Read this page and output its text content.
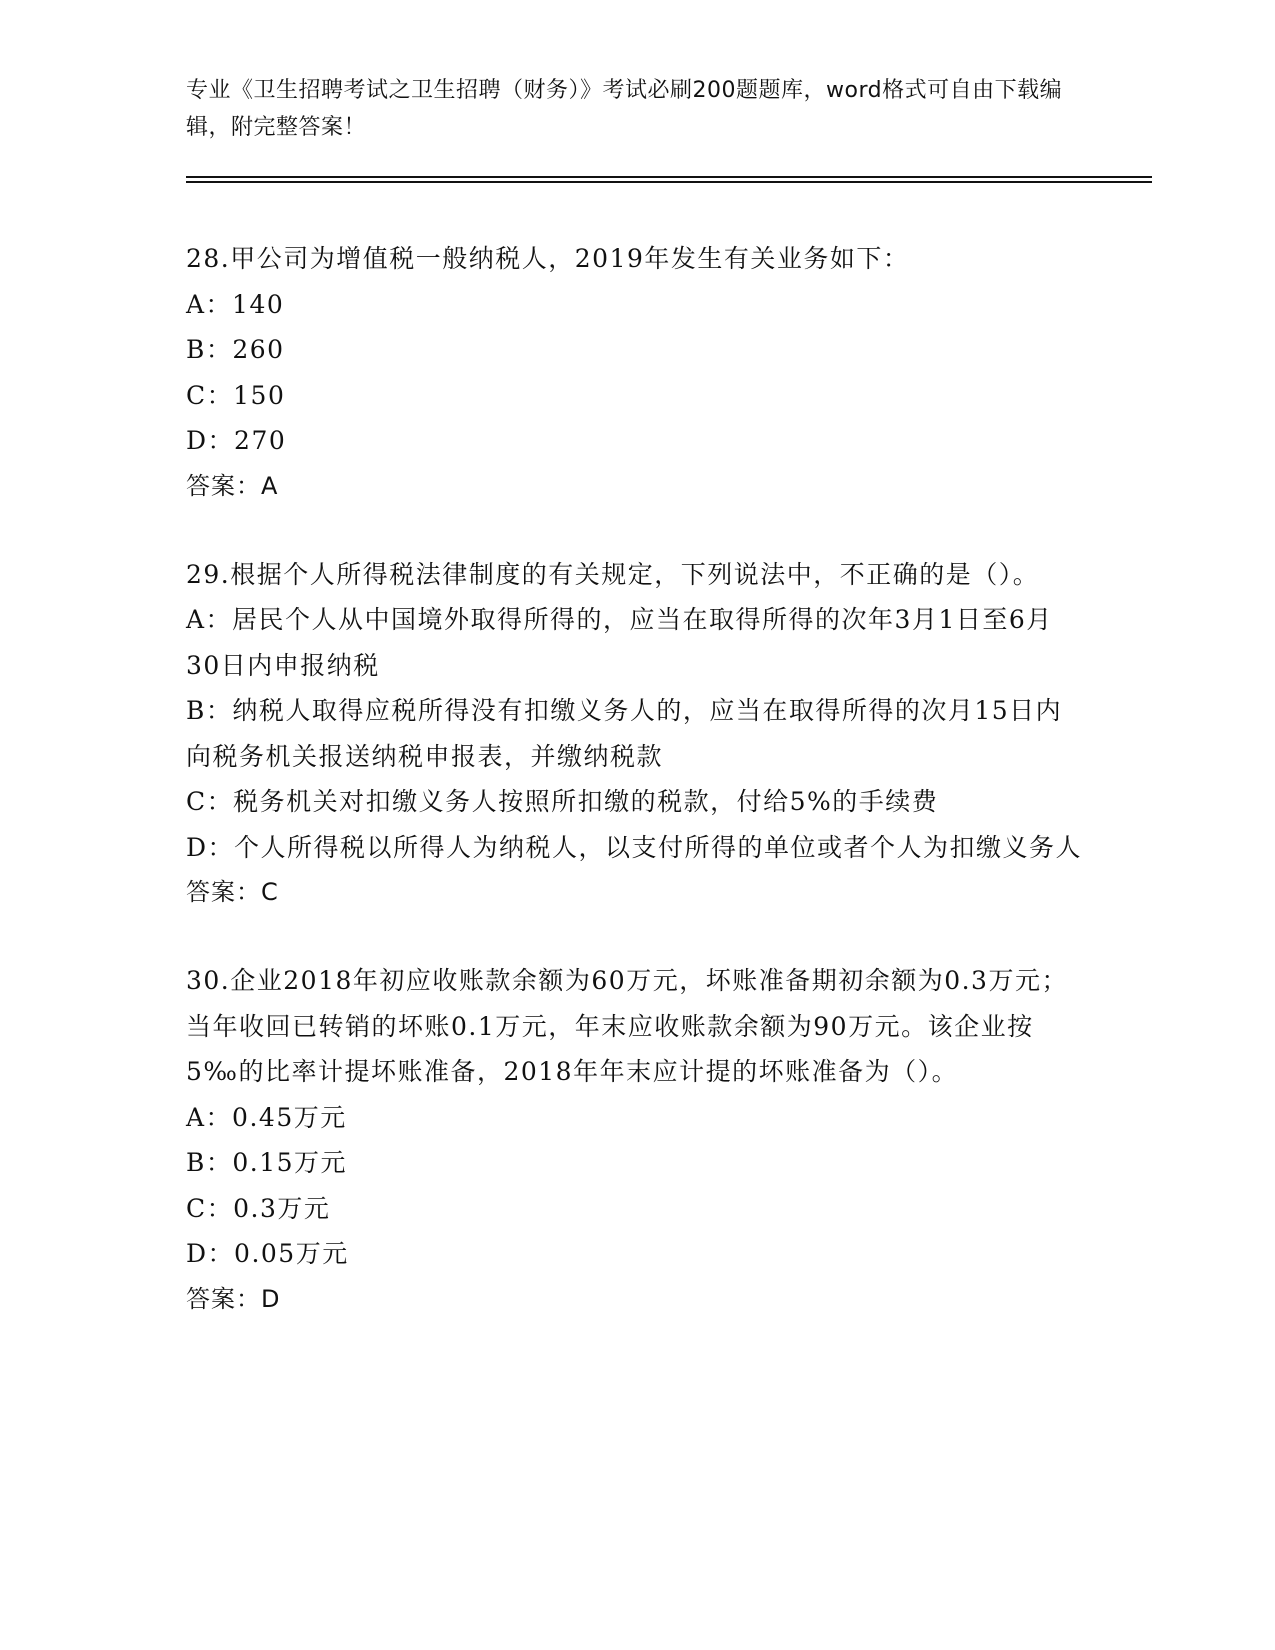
专业《卫生招聘考试之卫生招聘（财务）》考试必刷200题题库，word格式可自由下载编辑，附完整答案！
28.甲公司为增值税一般纳税人，2019年发生有关业务如下：
A：140
B：260
C：150
D：270
答案：A
29.根据个人所得税法律制度的有关规定，下列说法中，不正确的是（）。
A：居民个人从中国境外取得所得的，应当在取得所得的次年3月1日至6月30日内申报纳税
B：纳税人取得应税所得没有扣缴义务人的，应当在取得所得的次月15日内向税务机关报送纳税申报表，并缴纳税款
C：税务机关对扣缴义务人按照所扣缴的税款，付给5%的手续费
D：个人所得税以所得人为纳税人，以支付所得的单位或者个人为扣缴义务人
答案：C
30.企业2018年初应收账款余额为60万元，坏账准备期初余额为0.3万元；当年收回已转销的坏账0.1万元，年末应收账款余额为90万元。该企业按5‰的比率计提坏账准备，2018年年末应计提的坏账准备为（）。
A：0.45万元
B：0.15万元
C：0.3万元
D：0.05万元
答案：D
